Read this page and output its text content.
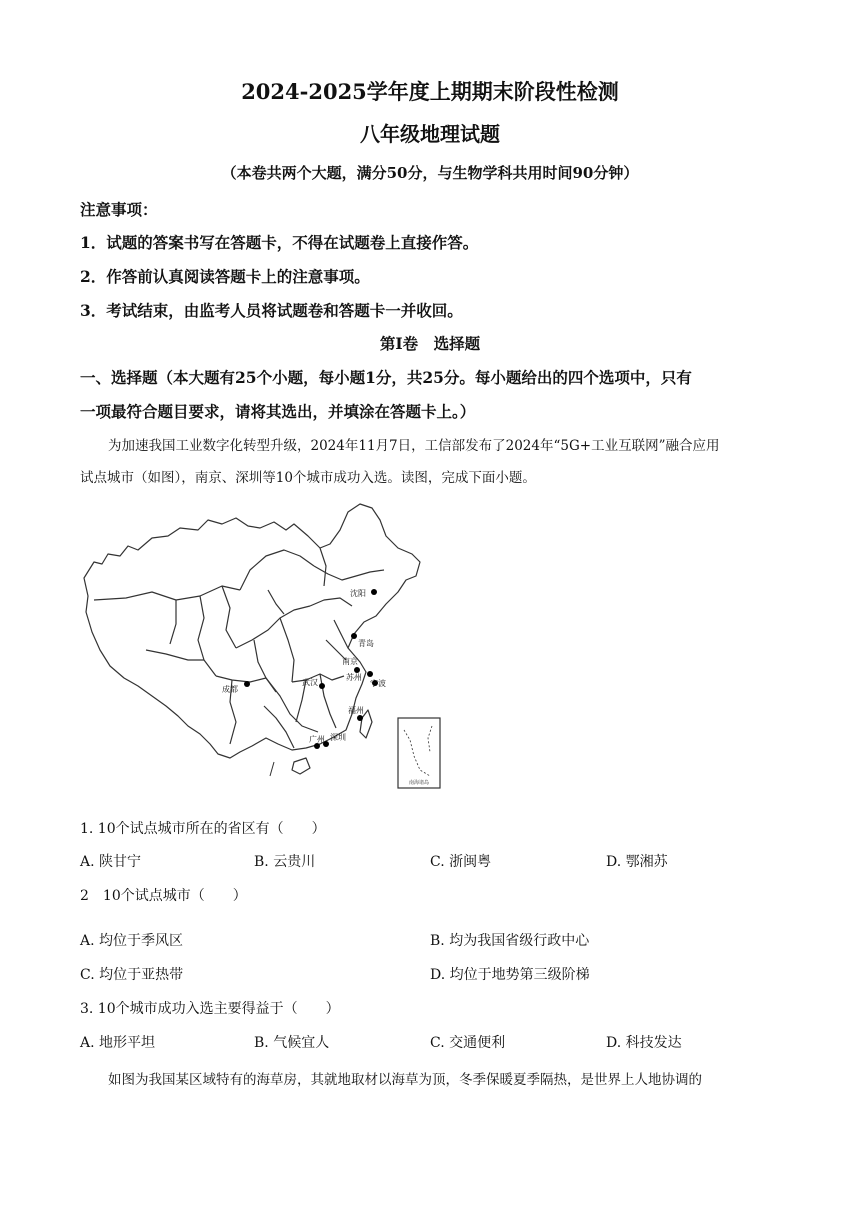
2024-2025学年度上期期末阶段性检测
八年级地理试题
（本卷共两个大题，满分50分，与生物学科共用时间90分钟）
注意事项：
1．试题的答案书写在答题卡，不得在试题卷上直接作答。
2．作答前认真阅读答题卡上的注意事项。
3．考试结束，由监考人员将试题卷和答题卡一并收回。
第Ⅰ卷　选择题
一、选择题（本大题有25个小题，每小题1分，共25分。每小题给出的四个选项中，只有
一项最符合题目要求，请将其选出，并填涂在答题卡上。）
为加速我国工业数字化转型升级，2024年11月7日，工信部发布了2024年“5G+工业互联网”融合应用
试点城市（如图），南京、深圳等10个城市成功入选。读图，完成下面小题。
南海诸岛
沈阳
青岛
南京
苏州
宁波
成都
武汉
福州
广州 深圳
1. 10个试点城市所在的省区有（　　）
A. 陕甘宁	B. 云贵川	C. 浙闽粤	D. 鄂湘苏
2　10个试点城市（　　）
A. 均位于季风区	B. 均为我国省级行政中心
C. 均位于亚热带	D. 均位于地势第三级阶梯
3. 10个城市成功入选主要得益于（　　）
A. 地形平坦	B. 气候宜人	C. 交通便利	D. 科技发达
如图为我国某区域特有的海草房，其就地取材以海草为顶，冬季保暖夏季隔热，是世界上人地协调的
